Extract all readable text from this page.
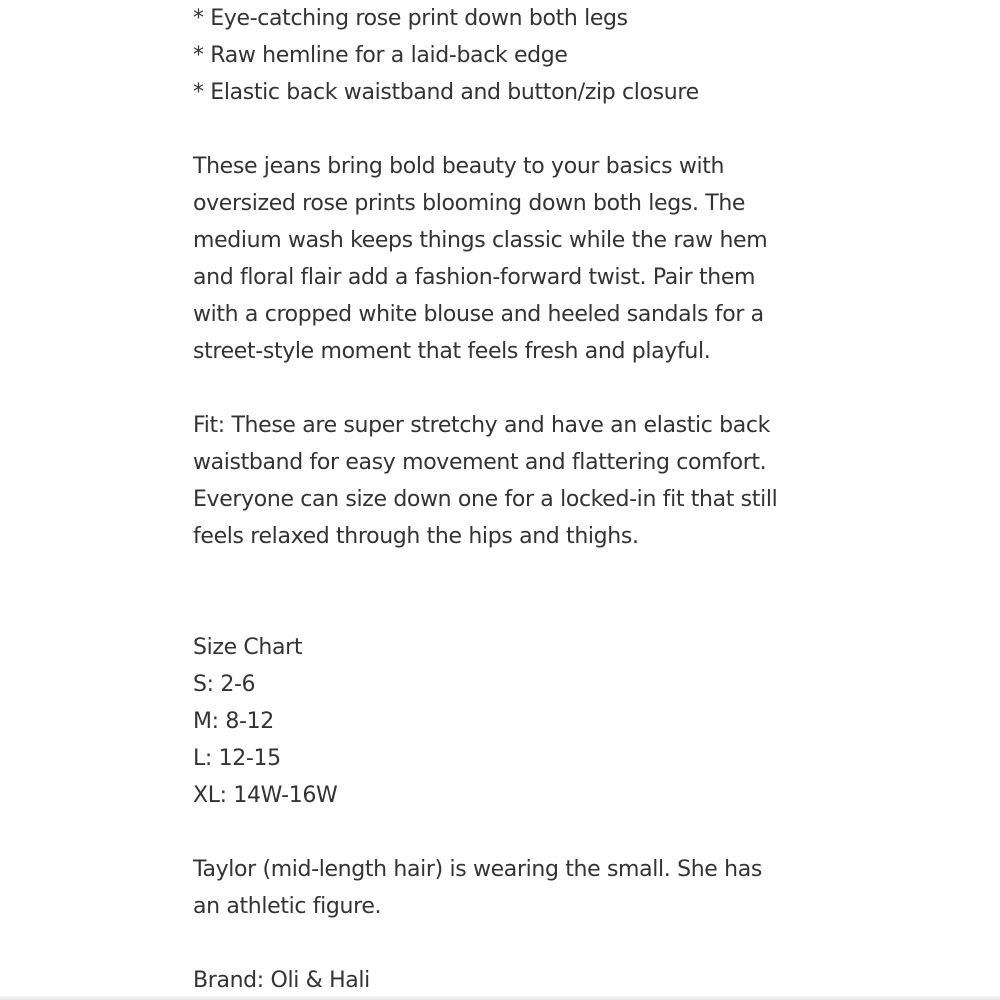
* Eye-catching rose print down both legs
* Raw hemline for a laid-back edge
* Elastic back waistband and button/zip closure
These jeans bring bold beauty to your basics with
oversized rose prints blooming down both legs. The
medium wash keeps things classic while the raw hem
and floral flair add a fashion-forward twist. Pair them
with a cropped white blouse and heeled sandals for a
street-style moment that feels fresh and playful.
Fit: These are super stretchy and have an elastic back
waistband for easy movement and flattering comfort.
Everyone can size down one for a locked-in fit that still
feels relaxed through the hips and thighs.
Size Chart
S: 2-6
M: 8-12
L: 12-15
XL: 14W-16W
Taylor (mid-length hair) is wearing the small. She has
an athletic figure.
Brand: Oli & Hali
